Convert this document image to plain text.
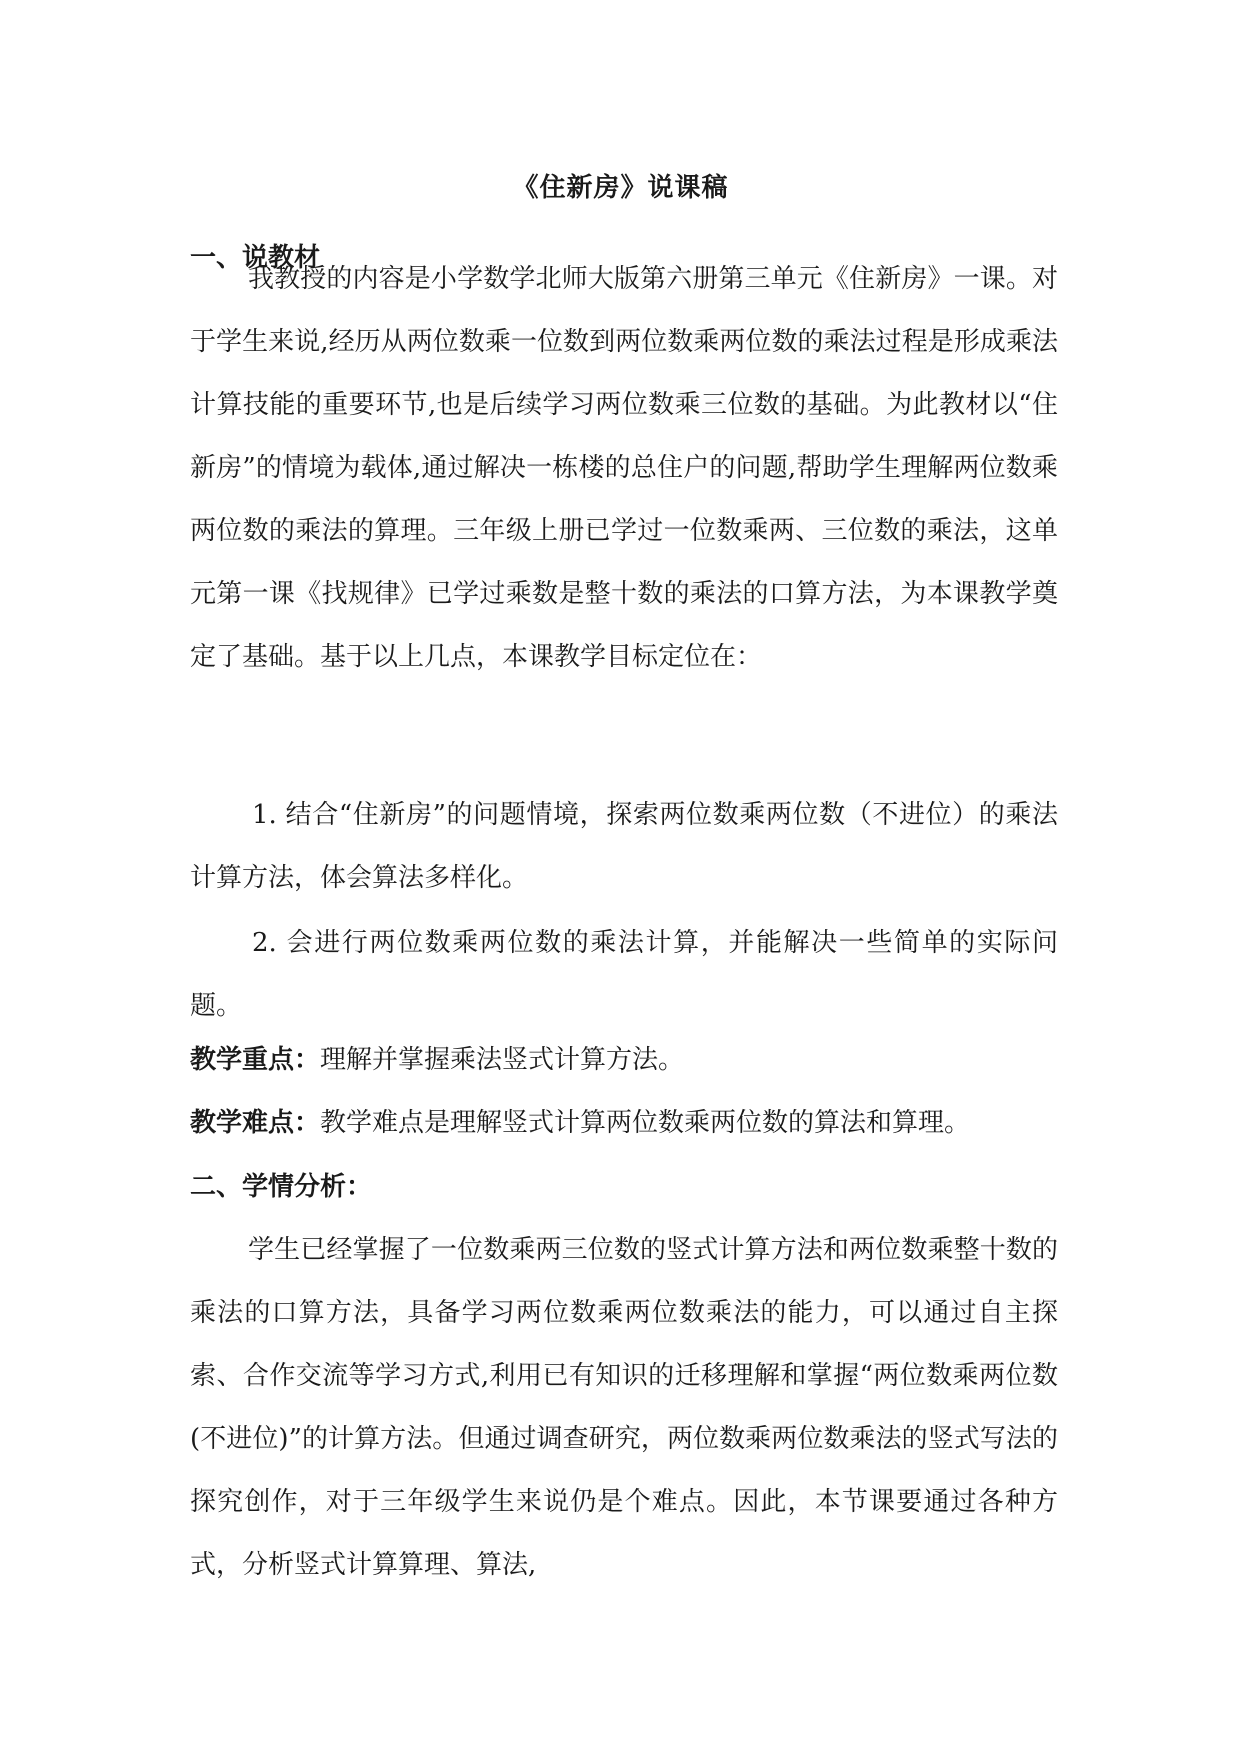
《住新房》说课稿
一、说教材

我教授的内容是小学数学北师大版第六册第三单元《住新房》一课。对于学生来说,经历从两位数乘一位数到两位数乘两位数的乘法过程是形成乘法计算技能的重要环节,也是后续学习两位数乘三位数的基础。为此教材以“住新房”的情境为载体,通过解决一栋楼的总住户的问题,帮助学生理解两位数乘两位数的乘法的算理。三年级上册已学过一位数乘两、三位数的乘法，这单元第一课《找规律》已学过乘数是整十数的乘法的口算方法，为本课教学奠定了基础。基于以上几点，本课教学目标定位在：

1. 结合“住新房”的问题情境，探索两位数乘两位数（不进位）的乘法计算方法，体会算法多样化。

2. 会进行两位数乘两位数的乘法计算，并能解决一些简单的实际问题。

教学重点：理解并掌握乘法竖式计算方法。
教学难点：教学难点是理解竖式计算两位数乘两位数的算法和算理。
二、学情分析：

学生已经掌握了一位数乘两三位数的竖式计算方法和两位数乘整十数的乘法的口算方法，具备学习两位数乘两位数乘法的能力，可以通过自主探索、合作交流等学习方式,利用已有知识的迁移理解和掌握“两位数乘两位数(不进位)”的计算方法。但通过调查研究，两位数乘两位数乘法的竖式写法的探究创作，对于三年级学生来说仍是个难点。因此，本节课要通过各种方式，分析竖式计算算理、算法,
